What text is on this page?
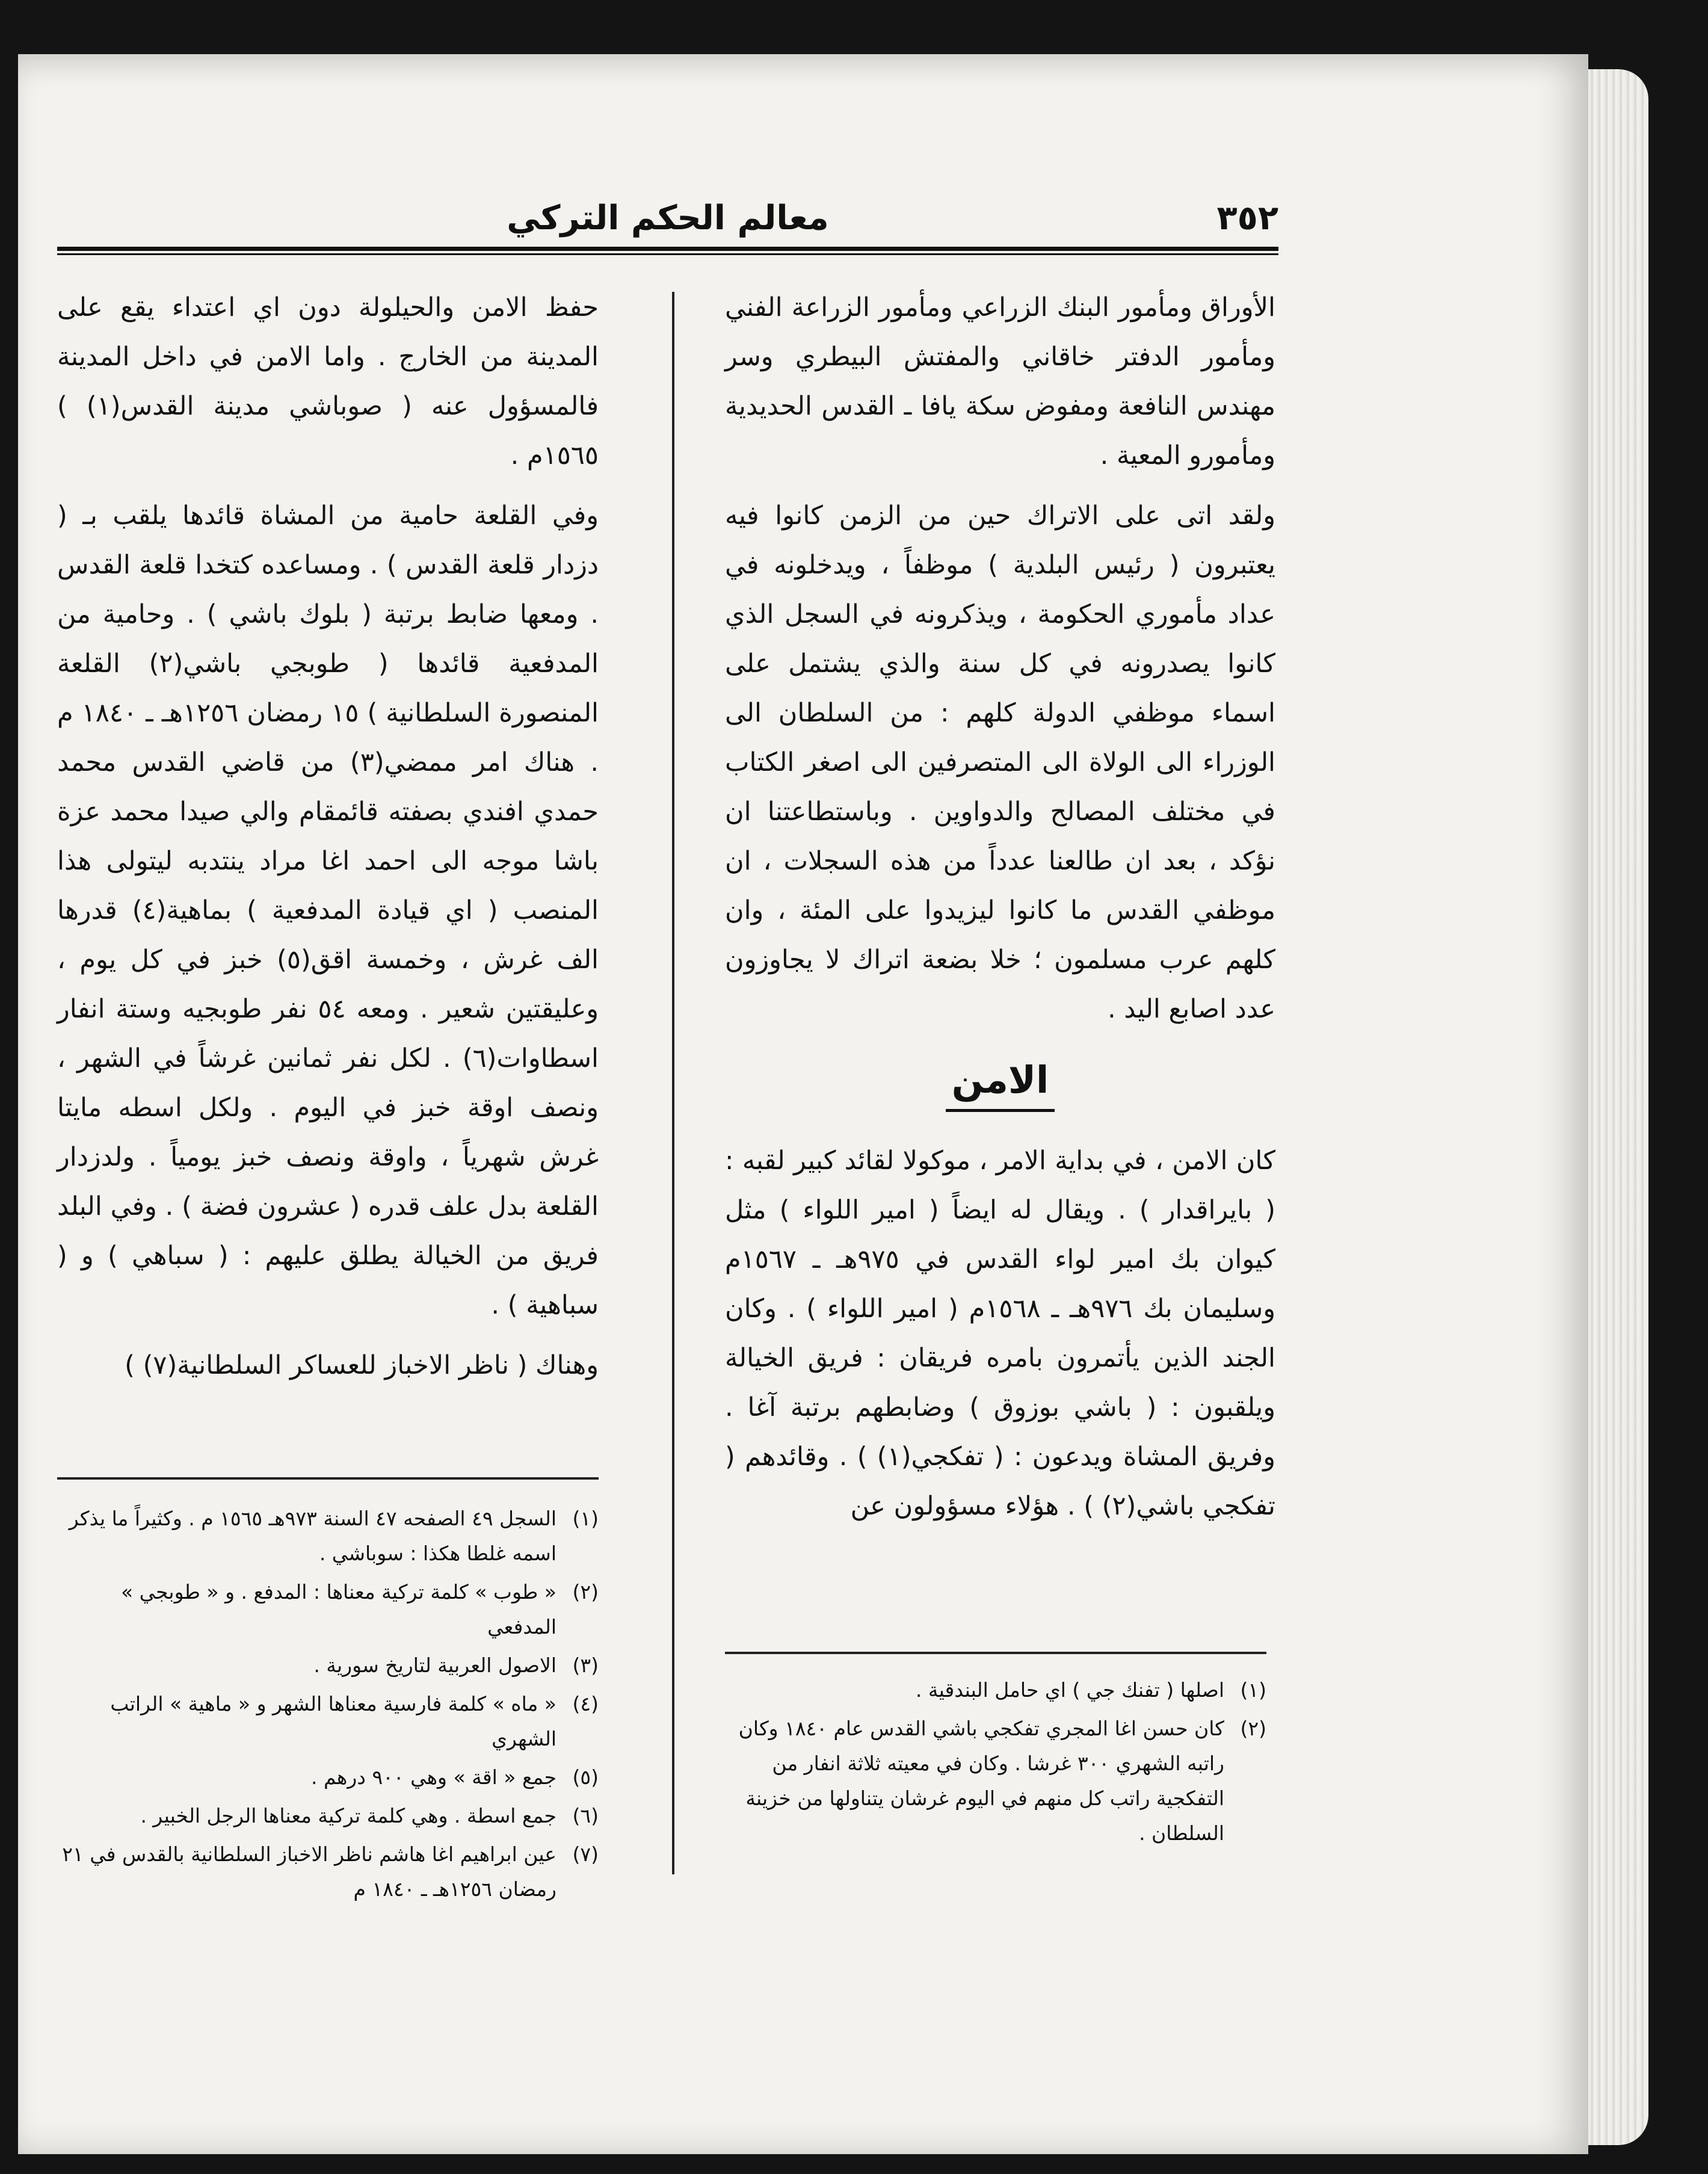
٣٥٢
معالم الحكم التركي

الأوراق ومأمور البنك الزراعي ومأمور الزراعة الفني ومأمور الدفتر خاقاني والمفتش البيطري وسر مهندس النافعة ومفوض سكة يافا ـ القدس الحديدية ومأمورو المعية .

ولقد اتى على الاتراك حين من الزمن كانوا فيه يعتبرون ( رئيس البلدية ) موظفاً ، ويدخلونه في عداد مأموري الحكومة ، ويذكرونه في السجل الذي كانوا يصدرونه في كل سنة والذي يشتمل على اسماء موظفي الدولة كلهم : من السلطان الى الوزراء الى الولاة الى المتصرفين الى اصغر الكتاب في مختلف المصالح والدواوين . وباستطاعتنا ان نؤكد ، بعد ان طالعنا عدداً من هذه السجلات ، ان موظفي القدس ما كانوا ليزيدوا على المئة ، وان كلهم عرب مسلمون ؛ خلا بضعة اتراك لا يجاوزون عدد اصابع اليد .

الامن

كان الامن ، في بداية الامر ، موكولا لقائد كبير لقبه : ( بايراقدار ) . ويقال له ايضاً ( امير اللواء ) مثل كيوان بك امير لواء القدس في ٩٧٥هـ ـ ١٥٦٧م وسليمان بك ٩٧٦هـ ـ ١٥٦٨م ( امير اللواء ) . وكان الجند الذين يأتمرون بامره فريقان : فريق الخيالة ويلقبون : ( باشي بوزوق ) وضابطهم برتبة آغا . وفريق المشاة ويدعون : ( تفكجي(١) ) . وقائدهم ( تفكجي باشي(٢) ) . هؤلاء مسؤولون عن

(١)
اصلها ( تفنك جي ) اي حامل البندقية .
(٢)
كان حسن اغا المجري تفكجي باشي القدس عام ١٨٤٠ وكان راتبه الشهري ٣٠٠ غرشا . وكان في معيته ثلاثة انفار من التفكجية راتب كل منهم في اليوم غرشان يتناولها من خزينة السلطان .

حفظ الامن والحيلولة دون اي اعتداء يقع على المدينة من الخارج . واما الامن في داخل المدينة فالمسؤول عنه ( صوباشي مدينة القدس(١) ) ١٥٦٥م .

وفي القلعة حامية من المشاة قائدها يلقب بـ ( دزدار قلعة القدس ) . ومساعده كتخدا قلعة القدس . ومعها ضابط برتبة ( بلوك باشي ) . وحامية من المدفعية قائدها ( طوبجي باشي(٢) القلعة المنصورة السلطانية ) ١٥ رمضان ١٢٥٦هـ ـ ١٨٤٠ م . هناك امر ممضي(٣) من قاضي القدس محمد حمدي افندي بصفته قائمقام والي صيدا محمد عزة باشا موجه الى احمد اغا مراد ينتدبه ليتولى هذا المنصب ( اي قيادة المدفعية ) بماهية(٤) قدرها الف غرش ، وخمسة اقق(٥) خبز في كل يوم ، وعليقتين شعير . ومعه ٥٤ نفر طوبجيه وستة انفار اسطاوات(٦) . لكل نفر ثمانين غرشاً في الشهر ، ونصف اوقة خبز في اليوم . ولكل اسطه مايتا غرش شهرياً ، واوقة ونصف خبز يومياً . ولدزدار القلعة بدل علف قدره ( عشرون فضة ) . وفي البلد فريق من الخيالة يطلق عليهم : ( سباهي ) و ( سباهية ) .

وهناك ( ناظر الاخباز للعساكر السلطانية(٧) )

(١)
السجل ٤٩ الصفحه ٤٧ السنة ٩٧٣هـ ١٥٦٥ م . وكثيراً ما يذكر اسمه غلطا هكذا : سوباشي .
(٢)
« طوب » كلمة تركية معناها : المدفع . و « طوبجي » المدفعي
(٣)
الاصول العربية لتاريخ سورية .
(٤)
« ماه » كلمة فارسية معناها الشهر و « ماهية » الراتب الشهري
(٥)
جمع « اقة » وهي ٩٠٠ درهم .
(٦)
جمع اسطة . وهي كلمة تركية معناها الرجل الخبير .
(٧)
عين ابراهيم اغا هاشم ناظر الاخباز السلطانية بالقدس في ٢١ رمضان ١٢٥٦هـ ـ ١٨٤٠ م
